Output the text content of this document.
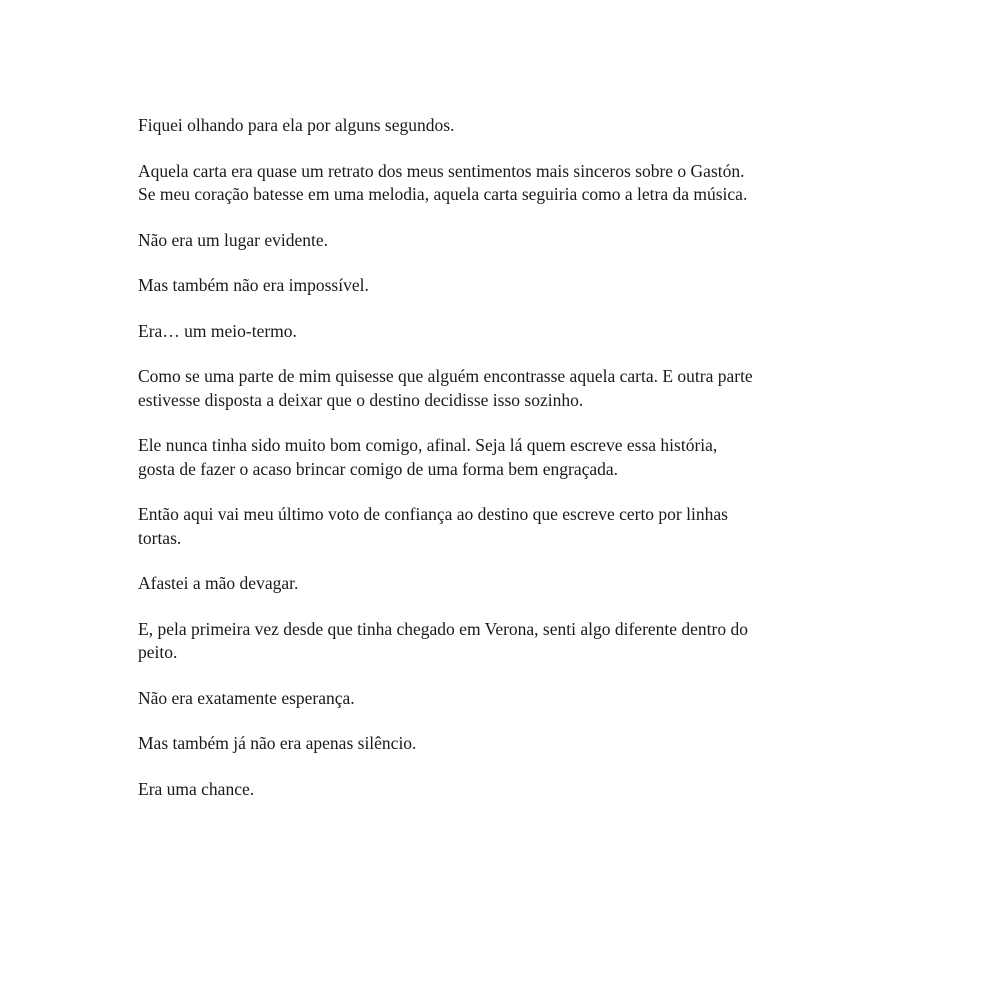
Fiquei olhando para ela por alguns segundos.

Aquela carta era quase um retrato dos meus sentimentos mais sinceros sobre o Gastón.
Se meu coração batesse em uma melodia, aquela carta seguiria como a letra da música.

Não era um lugar evidente.

Mas também não era impossível.

Era… um meio-termo.

Como se uma parte de mim quisesse que alguém encontrasse aquela carta. E outra parte
estivesse disposta a deixar que o destino decidisse isso sozinho.

Ele nunca tinha sido muito bom comigo, afinal. Seja lá quem escreve essa história,
gosta de fazer o acaso brincar comigo de uma forma bem engraçada.

Então aqui vai meu último voto de confiança ao destino que escreve certo por linhas
tortas.

Afastei a mão devagar.

E, pela primeira vez desde que tinha chegado em Verona, senti algo diferente dentro do
peito.

Não era exatamente esperança.

Mas também já não era apenas silêncio.

Era uma chance.
